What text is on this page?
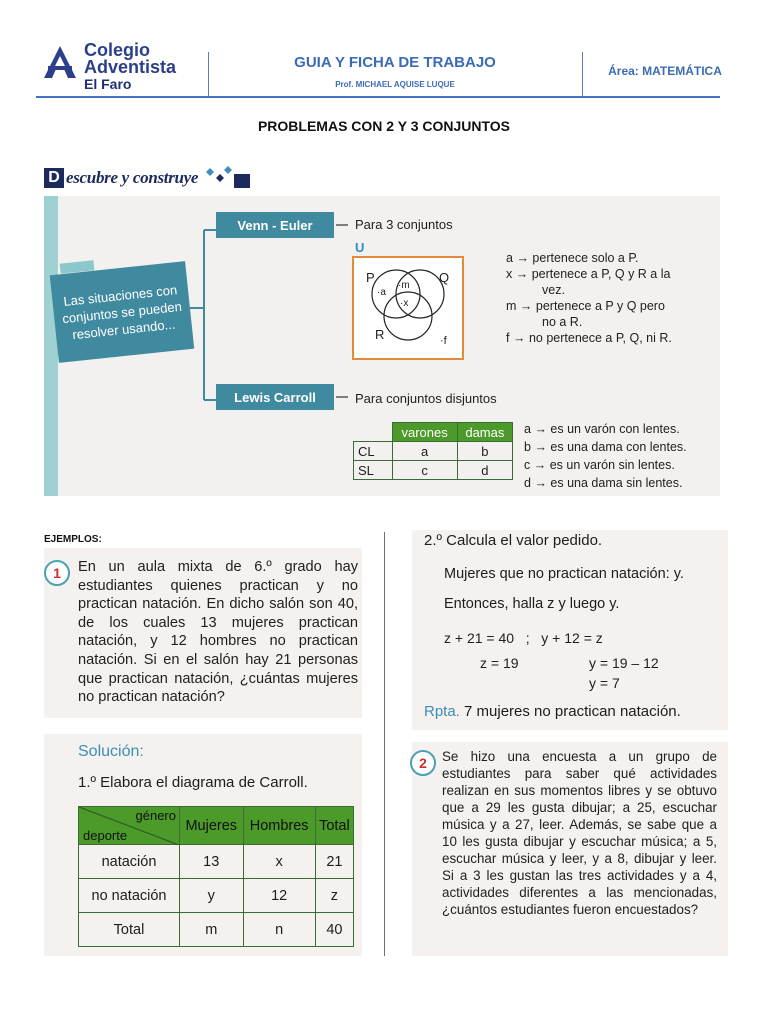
Colegio
Adventista
El Faro
GUIA Y FICHA DE TRABAJO
Prof. MICHAEL AQUISE LUQUE
Área: MATEMÁTICA
PROBLEMAS CON 2 Y 3 CONJUNTOS
D escubre y construye
Las situaciones con conjuntos se pueden resolver usando...
Venn - Euler
Lewis Carroll
Para 3 conjuntos
Para conjuntos disjuntos
U
P	Q
R
·a
·m
·x
·f
a → pertenece solo a P.
x → pertenece a P, Q y R a la
vez.
m → pertenece a P y Q pero
no a R.
f → no pertenece a P, Q, ni R.
	varones	damas
CL	a	b
SL	c	d
a → es un varón con lentes.
b → es una dama con lentes.
c → es un varón sin lentes.
d → es una dama sin lentes.
EJEMPLOS:
1	En un aula mixta de 6.º grado hay estudiantes quienes practican y no practican natación. En dicho salón son 40, de los cuales 13 mujeres practican natación, y 12 hombres no practican natación. Si en el salón hay 21 personas que practican natación, ¿cuántas mujeres no practican natación?
Solución:
1.º Elabora el diagrama de Carroll.
género
deporte	Mujeres	Hombres	Total
natación	13	x	21
no natación	y	12	z
Total	m	n	40
2.º Calcula el valor pedido.
Mujeres que no practican natación: y.
Entonces, halla z y luego y.
z + 21 = 40   ;   y + 12 = z
z = 19	y = 19 – 12
y = 7
Rpta. 7 mujeres no practican natación.
2	Se hizo una encuesta a un grupo de estudiantes para saber qué actividades realizan en sus momentos libres y se obtuvo que a 29 les gusta dibujar; a 25, escuchar música y a 27, leer. Además, se sabe que a 10 les gusta dibujar y escuchar música; a 5, escuchar música y leer, y a 8, dibujar y leer. Si a 3 les gustan las tres actividades y a 4, actividades diferentes a las mencionadas, ¿cuántos estudiantes fueron encuestados?
